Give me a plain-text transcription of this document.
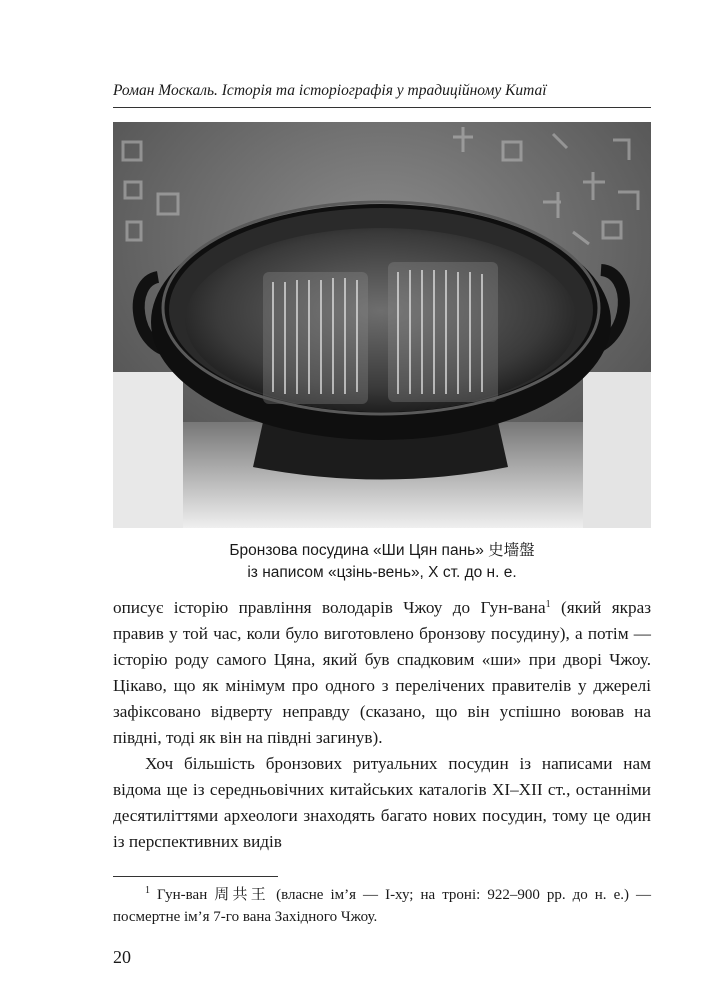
Роман Москаль. Історія та історіографія у традиційному Китаї
Бронзова посудина «Ши Цян пань» 史墻盤
із написом «цзінь-вень», X ст. до н. е.

описує історію правління володарів Чжоу до Гун-вана$^1$ (який якраз правив у той час, коли було виготовлено бронзову посудину), а потім — історію роду самого Цяна, який був спадковим «ши» при дворі Чжоу. Цікаво, що як мінімум про одного з перелічених правителів у джерелі зафіксовано відверту неправду (сказано, що він успішно воював на півдні, тоді як він на півдні загинув).

Хоч більшість бронзових ритуальних посудин із написами нам відома ще із середньовічних китайських каталогів XI–XII ст., останніми десятиліттями археологи знаходять багато нових посудин, тому це один із перспективних видів

$^1$ Гун-ван 周共王 (власне ім’я — І-ху; на троні: 922–900 рр. до н. е.) — посмертне ім’я 7-го вана Західного Чжоу.
20
